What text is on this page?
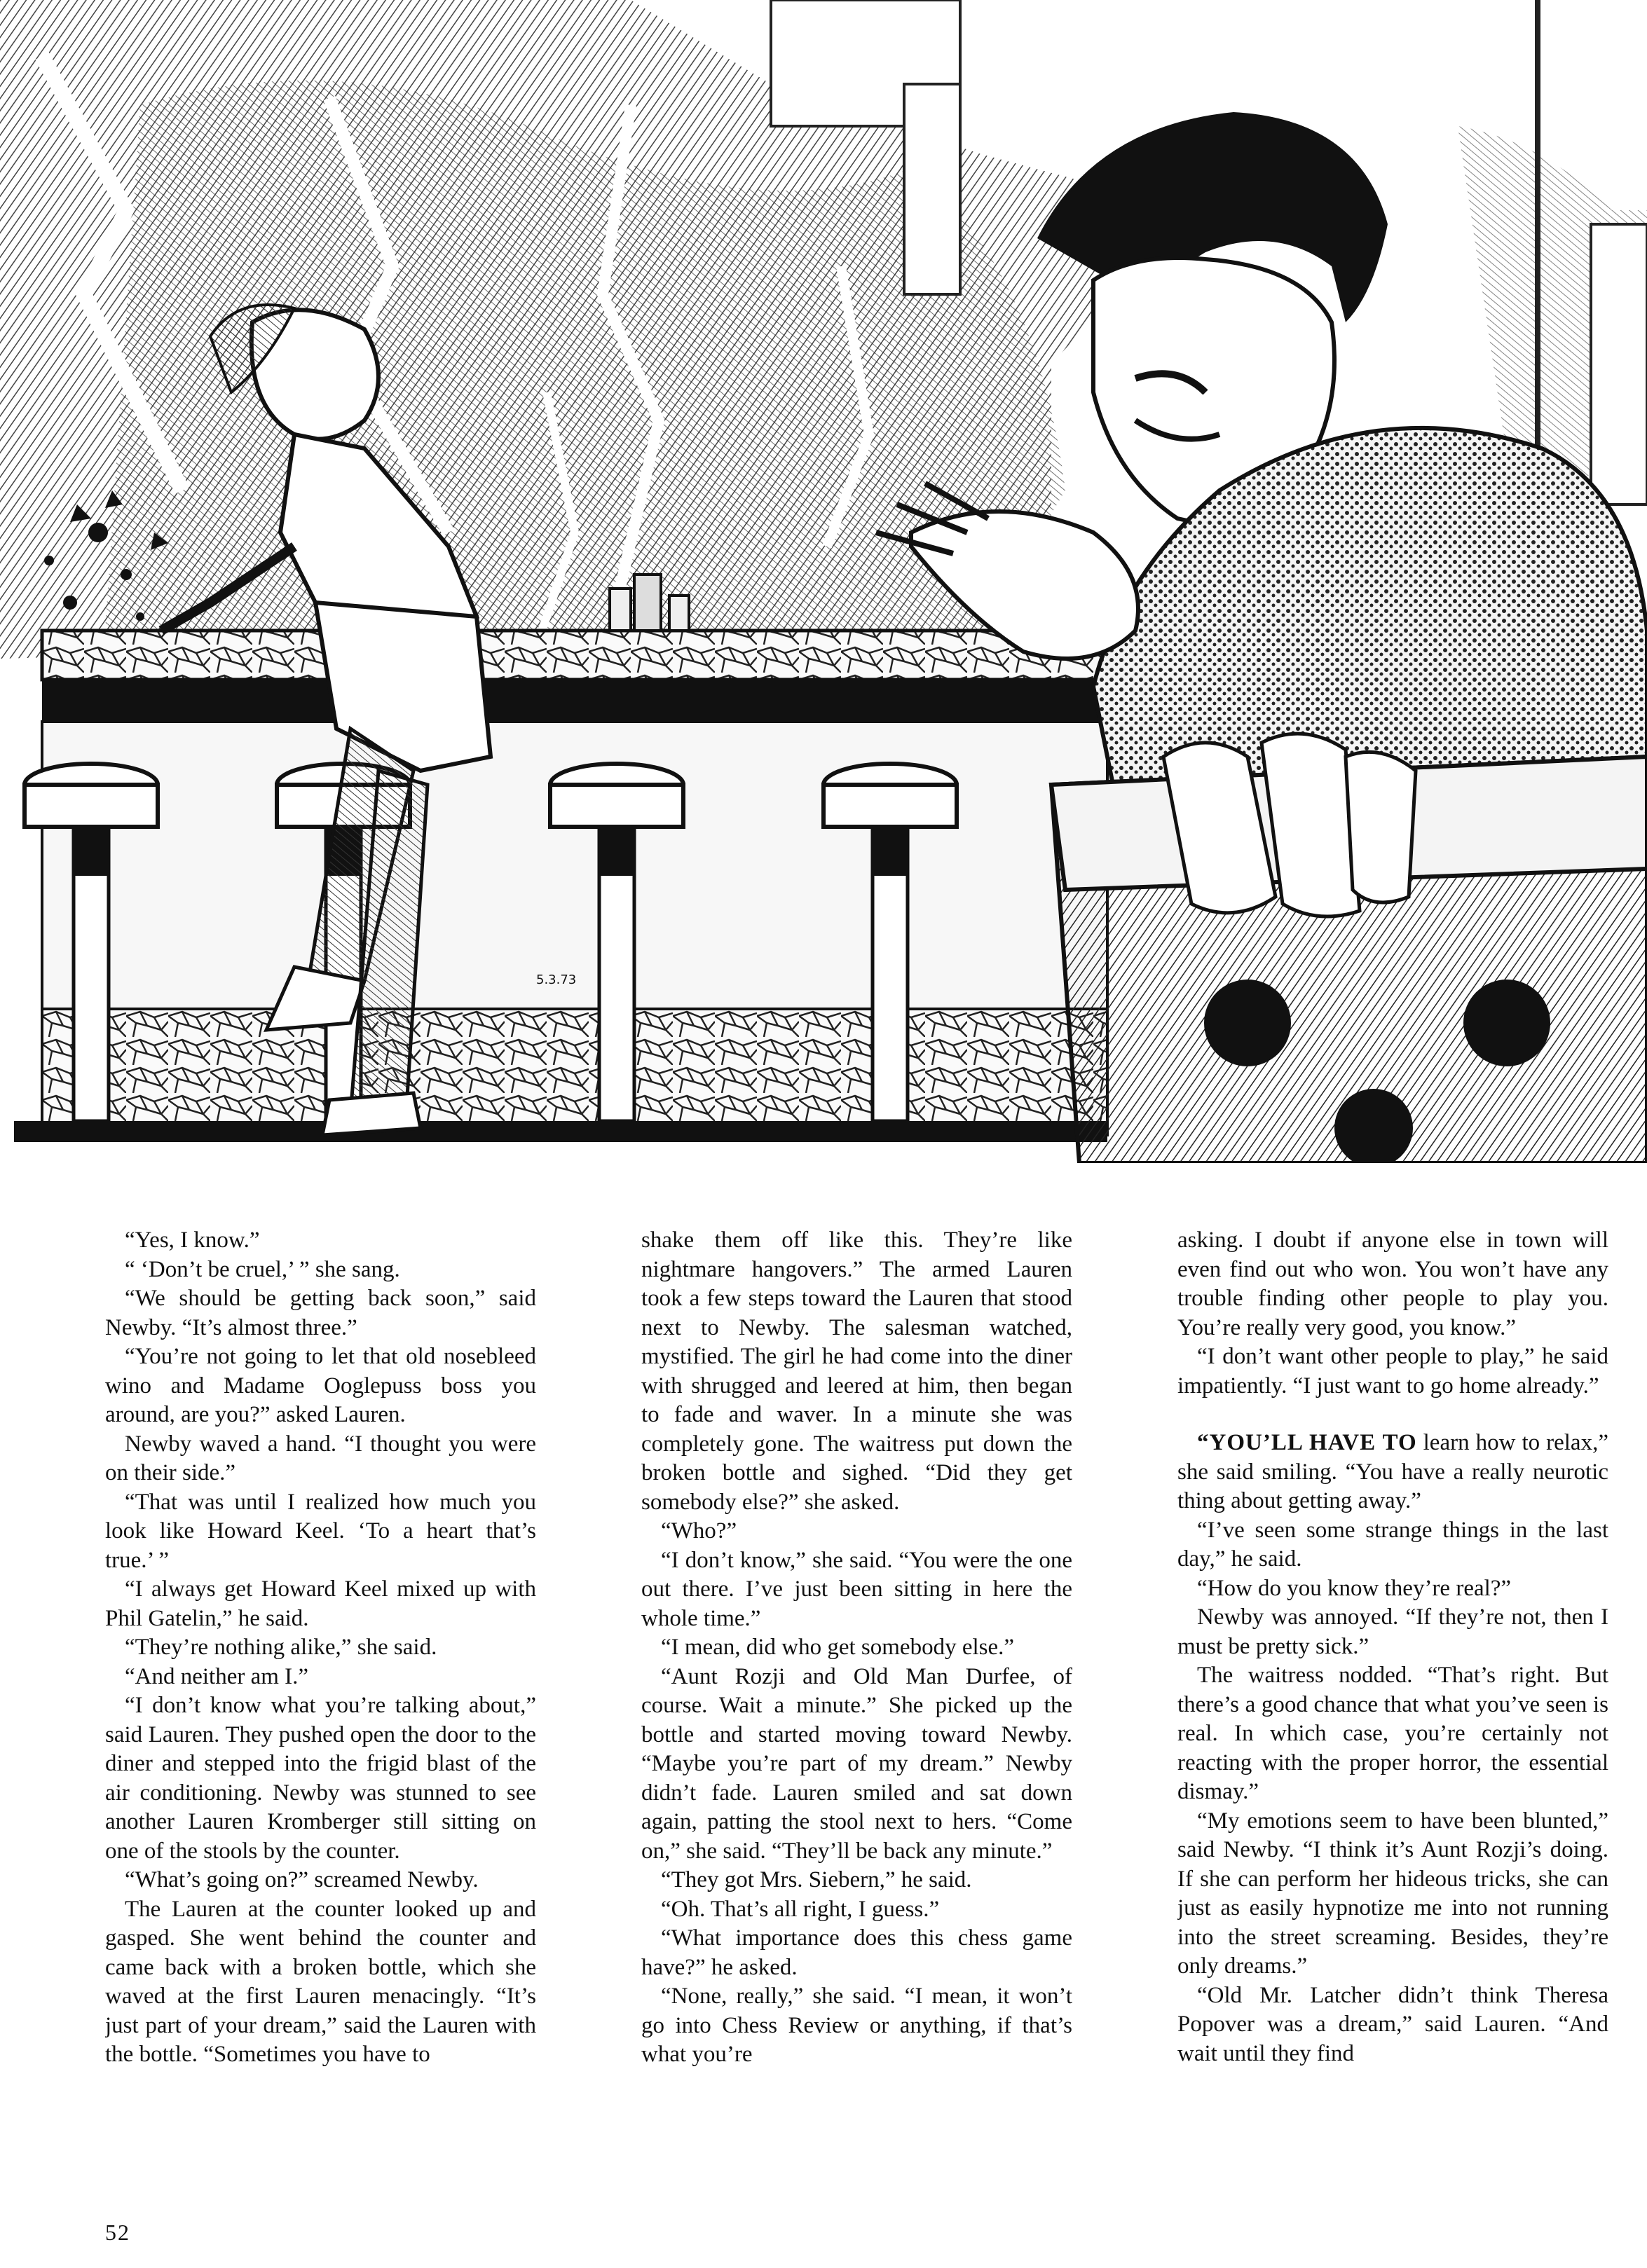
5.3.73

“Yes, I know.”

“ ‘Don’t be cruel,’ ” she sang.

“We should be getting back soon,” said Newby. “It’s almost three.”

“You’re not going to let that old nosebleed wino and Madame Ooglepuss boss you around, are you?” asked Lauren.

Newby waved a hand. “I thought you were on their side.”

“That was until I realized how much you look like Howard Keel. ‘To a heart that’s true.’ ”

“I always get Howard Keel mixed up with Phil Gatelin,” he said.

“They’re nothing alike,” she said.

“And neither am I.”

“I don’t know what you’re talking about,” said Lauren. They pushed open the door to the diner and stepped into the frigid blast of the air conditioning. Newby was stunned to see another Lauren Kromberger still sitting on one of the stools by the counter.

“What’s going on?” screamed Newby.

The Lauren at the counter looked up and gasped. She went behind the counter and came back with a broken bottle, which she waved at the first Lauren menacingly. “It’s just part of your dream,” said the Lauren with the bottle. “Sometimes you have to

shake them off like this. They’re like nightmare hangovers.” The armed Lauren took a few steps toward the Lauren that stood next to Newby. The salesman watched, mystified. The girl he had come into the diner with shrugged and leered at him, then began to fade and waver. In a minute she was completely gone. The waitress put down the broken bottle and sighed. “Did they get somebody else?” she asked.

“Who?”

“I don’t know,” she said. “You were the one out there. I’ve just been sitting in here the whole time.”

“I mean, did who get somebody else.”

“Aunt Rozji and Old Man Durfee, of course. Wait a minute.” She picked up the bottle and started moving toward Newby. “Maybe you’re part of my dream.” Newby didn’t fade. Lauren smiled and sat down again, patting the stool next to hers. “Come on,” she said. “They’ll be back any minute.”

“They got Mrs. Siebern,” he said.

“Oh. That’s all right, I guess.”

“What importance does this chess game have?” he asked.

“None, really,” she said. “I mean, it won’t go into Chess Review or anything, if that’s what you’re

asking. I doubt if anyone else in town will even find out who won. You won’t have any trouble finding other people to play you. You’re really very good, you know.”

“I don’t want other people to play,” he said impatiently. “I just want to go home already.”

“YOU’LL HAVE TO learn how to relax,” she said smiling. “You have a really neurotic thing about getting away.”

“I’ve seen some strange things in the last day,” he said.

“How do you know they’re real?”

Newby was annoyed. “If they’re not, then I must be pretty sick.”

The waitress nodded. “That’s right. But there’s a good chance that what you’ve seen is real. In which case, you’re certainly not reacting with the proper horror, the essential dismay.”

“My emotions seem to have been blunted,” said Newby. “I think it’s Aunt Rozji’s doing. If she can perform her hideous tricks, she can just as easily hypnotize me into not running into the street screaming. Besides, they’re only dreams.”

“Old Mr. Latcher didn’t think Theresa Popover was a dream,” said Lauren. “And wait until they find

52
